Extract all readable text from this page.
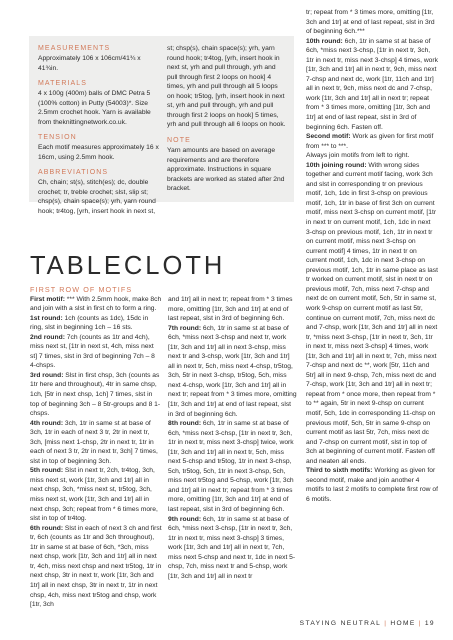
MEASUREMENTS

Approximately 106 x 106cm/41¾ x 41¾in.

MATERIALS

4 x 100g (400m) balls of DMC Petra 5 (100% cotton) in Putty (54003)*. Size 2.5mm crochet hook. Yarn is available from theknittingnetwork.co.uk.

TENSION

Each motif measures approximately 16 x 16cm, using 2.5mm hook.

ABBREVIATIONS

Ch, chain; st(s), stitch(es); dc, double crochet; tr, treble crochet; slst, slip st; chsp(s), chain space(s); yrh, yarn round hook; tr4tog, [yrh, insert hook in next st,

st; chsp(s), chain space(s); yrh, yarn round hook; tr4tog, [yrh, insert hook in next st, yrh and pull through, yrh and pull through first 2 loops on hook] 4 times, yrh and pull through all 5 loops on hook; tr5tog, [yrh, insert hook in next st, yrh and pull through, yrh and pull through first 2 loops on hook] 5 times, yrh and pull through all 6 loops on hook.

NOTE

Yarn amounts are based on average requirements and are therefore approximate. Instructions in square brackets are worked as stated after 2nd bracket.

TABLECLOTH

FIRST ROW OF MOTIFS

First motif: *** With 2.5mm hook, make 8ch and join with a slst in first ch to form a ring.

1st round: 1ch (counts as 1dc), 15dc in ring, slst in beginning 1ch – 16 sts.

2nd round: 7ch (counts as 1tr and 4ch), miss next st, [1tr in next st, 4ch, miss next st] 7 times, slst in 3rd of beginning 7ch – 8 4-chsps.

3rd round: Slst in first chsp, 3ch (counts as 1tr here and throughout), 4tr in same chsp, 1ch, [5tr in next chsp, 1ch] 7 times, slst in top of beginning 3ch – 8 5tr-groups and 8 1-chsps.

4th round: 3ch, 1tr in same st at base of 3ch, 1tr in each of next 3 tr, 2tr in next tr, 3ch, [miss next 1-chsp, 2tr in next tr, 1tr in each of next 3 tr, 2tr in next tr, 3ch] 7 times, slst in top of beginning 3ch.

5th round: Slst in next tr, 2ch, tr4tog, 3ch, miss next st, work [1tr, 3ch and 1tr] all in next chsp, 3ch, *miss next st, tr5tog, 3ch, miss next st, work [1tr, 3ch and 1tr] all in next chsp, 3ch; repeat from * 6 times more, slst in top of tr4tog.

6th round: Slst in each of next 3 ch and first tr, 6ch (counts as 1tr and 3ch throughout), 1tr in same st at base of 6ch, *3ch, miss next chsp, work [1tr, 3ch and 1tr] all in next tr, 4ch, miss next chsp and next tr5tog, 1tr in next chsp, 3tr in next tr, work [1tr, 3ch and 1tr] all in next chsp, 3tr in next tr, 1tr in next chsp, 4ch, miss next tr5tog and chsp, work [1tr, 3ch

and 1tr] all in next tr; repeat from * 3 times more, omitting [1tr, 3ch and 1tr] at end of last repeat, slst in 3rd of beginning 6ch.

7th round: 6ch, 1tr in same st at base of 6ch, *miss next 3-chsp and next tr, work [1tr, 3ch and 1tr] all in next 3-chsp, miss next tr and 3-chsp, work [1tr, 3ch and 1tr] all in next tr, 5ch, miss next 4-chsp, tr5tog, 3ch, 5tr in next 3-chsp, tr5tog, 5ch, miss next 4-chsp, work [1tr, 3ch and 1tr] all in next tr; repeat from * 3 times more, omitting [1tr, 3ch and 1tr] at end of last repeat, slst in 3rd of beginning 6ch.

8th round: 6ch, 1tr in same st at base of 6ch, *miss next 3-chsp, [1tr in next tr, 3ch, 1tr in next tr, miss next 3-chsp] twice, work [1tr, 3ch and 1tr] all in next tr, 5ch, miss next 5-chsp and tr5tog, 1tr in next 3-chsp, 5ch, tr5tog, 5ch, 1tr in next 3-chsp, 5ch, miss next tr5tog and 5-chsp, work [1tr, 3ch and 1tr] all in next tr; repeat from * 3 times more, omitting [1tr, 3ch and 1tr] at end of last repeat, slst in 3rd of beginning 6ch.

9th round: 6ch, 1tr in same st at base of 6ch, *miss next 3-chsp, [1tr in next tr, 3ch, 1tr in next tr, miss next 3-chsp] 3 times, work [1tr, 3ch and 1tr] all in next tr, 7ch, miss next 5-chsp and next tr, 1dc in next 5-chsp, 7ch, miss next tr and 5-chsp, work [1tr, 3ch and 1tr] all in next tr

tr; repeat from * 3 times more, omitting [1tr, 3ch and 1tr] at end of last repeat, slst in 3rd of beginning 6ch.***

10th round: 6ch, 1tr in same st at base of 6ch, *miss next 3-chsp, [1tr in next tr, 3ch, 1tr in next tr, miss next 3-chsp] 4 times, work [1tr, 3ch and 1tr] all in next tr, 9ch, miss next 7-chsp and next dc, work [1tr, 11ch and 1tr] all in next tr, 9ch, miss next dc and 7-chsp, work [1tr, 3ch and 1tr] all in next tr; repeat from * 3 times more, omitting [1tr, 3ch and 1tr] at end of last repeat, slst in 3rd of beginning 6ch. Fasten off.

Second motif: Work as given for first motif from *** to ***.

Always join motifs from left to right.

10th joining round: With wrong sides together and current motif facing, work 3ch and slst in corresponding tr on previous motif, 1ch, 1dc in first 3-chsp on previous motif, 1ch, 1tr in base of first 3ch on current motif, miss next 3-chsp on current motif, [1tr in next tr on current motif, 1ch, 1dc in next 3-chsp on previous motif, 1ch, 1tr in next tr on current motif, miss next 3-chsp on current motif] 4 times, 1tr in next tr on current motif, 1ch, 1dc in next 3-chsp on previous motif, 1ch, 1tr in same place as last tr worked on current motif, slst in next tr on previous motif, 7ch, miss next 7-chsp and next dc on current motif, 5ch, 5tr in same st, work 9-chsp on current motif as last 5tr, continue on current motif, 7ch, miss next dc and 7-chsp, work [1tr, 3ch and 1tr] all in next tr, *miss next 3-chsp, [1tr in next tr, 3ch, 1tr in next tr, miss next 3-chsp] 4 times, work [1tr, 3ch and 1tr] all in next tr, 7ch, miss next 7-chsp and next dc **, work [5tr, 11ch and 5tr] all in next 9-chsp, 7ch, miss next dc and 7-chsp, work [1tr, 3ch and 1tr] all in next tr; repeat from * once more, then repeat from * to ** again, 5tr in next 9-chsp on current motif, 5ch, 1dc in corresponding 11-chsp on previous motif, 5ch, 5tr in same 9-chsp on current motif as last 5tr, 7ch, miss next dc and 7-chsp on current motif, slst in top of 3ch at beginning of current motif. Fasten off and neaten all ends.

Third to sixth motifs: Working as given for second motif, make and join another 4 motifs to last 2 motifs to complete first row of 6 motifs.

STAYING NEUTRAL | HOME | 19
